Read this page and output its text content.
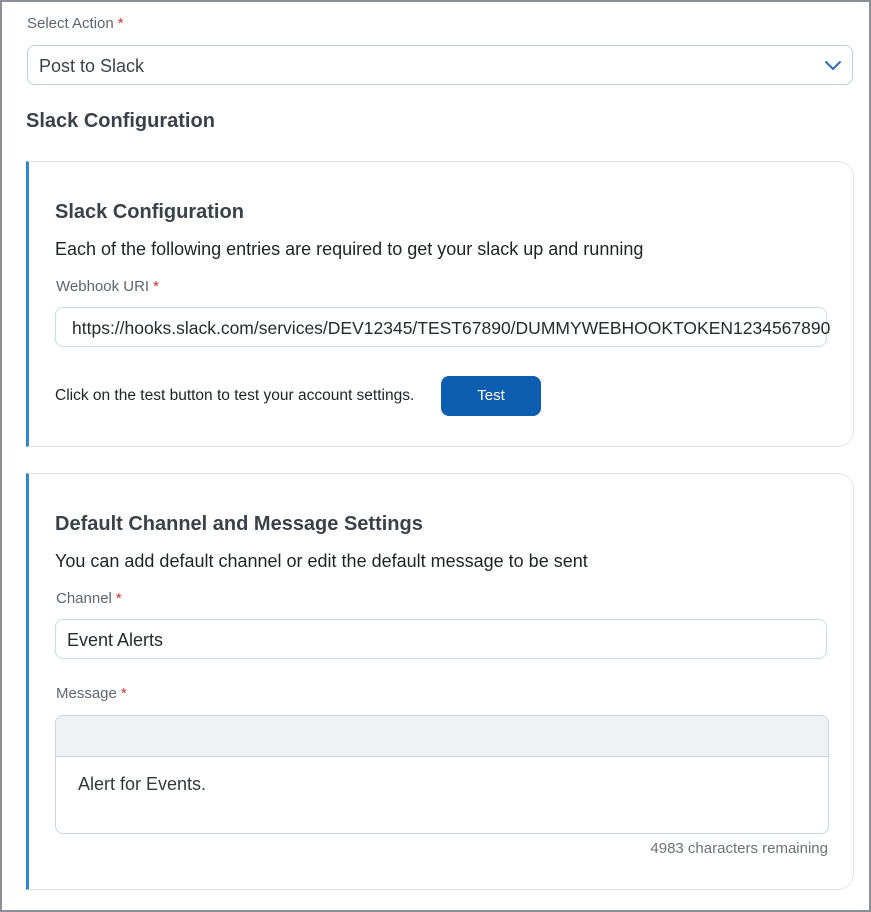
Select Action *
Post to Slack
Slack Configuration
Slack Configuration
Each of the following entries are required to get your slack up and running
Webhook URI *
https://hooks.slack.com/services/DEV12345/TEST67890/DUMMYWEBHOOKTOKEN1234567890
Click on the test button to test your account settings.	Test
Default Channel and Message Settings
You can add default channel or edit the default message to be sent
Channel *
Event Alerts
Message *
Alert for Events.
4983 characters remaining
